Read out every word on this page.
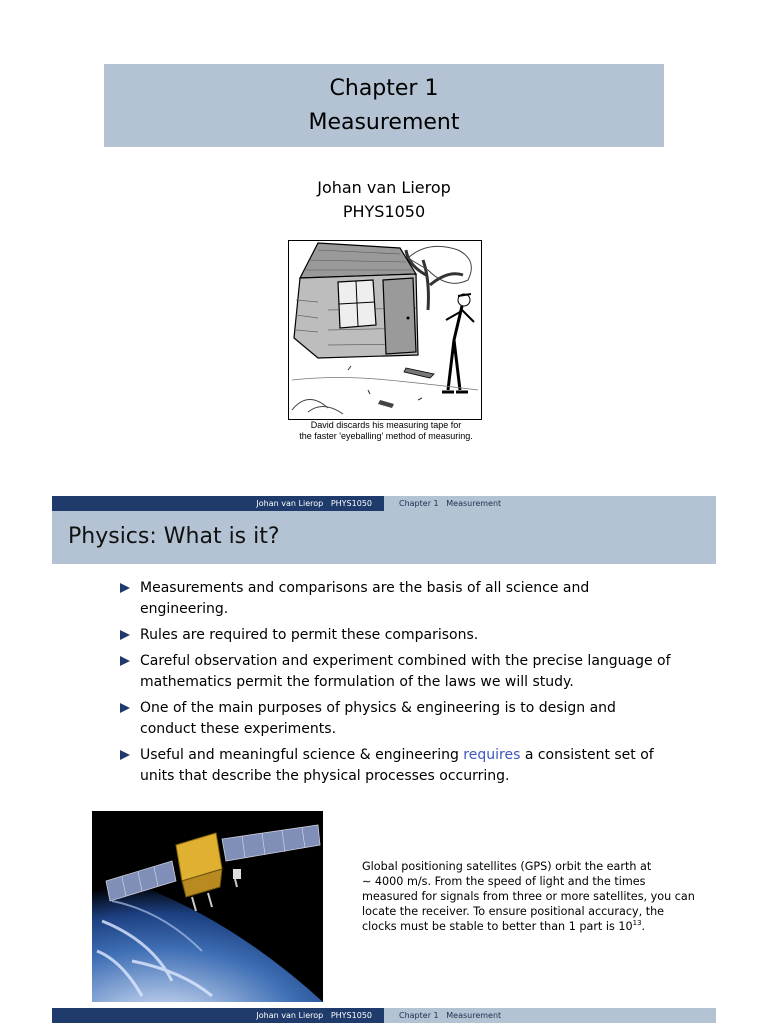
Chapter 1
Measurement
Johan van Lierop
PHYS1050
David discards his measuring tape for
the faster 'eyeballing' method of measuring.
Johan van Lierop   PHYS1050	Chapter 1   Measurement
Physics: What is it?
Measurements and comparisons are the basis of all science and
engineering.
Rules are required to permit these comparisons.
Careful observation and experiment combined with the precise language of
mathematics permit the formulation of the laws we will study.
One of the main purposes of physics & engineering is to design and
conduct these experiments.
Useful and meaningful science & engineering requires a consistent set of
units that describe the physical processes occurring.
Global positioning satellites (GPS) orbit the earth at
∼ 4000 m/s. From the speed of light and the times
measured for signals from three or more satellites, you can
locate the receiver. To ensure positional accuracy, the
clocks must be stable to better than 1 part is $10^{13}$.
Johan van Lierop   PHYS1050	Chapter 1   Measurement
